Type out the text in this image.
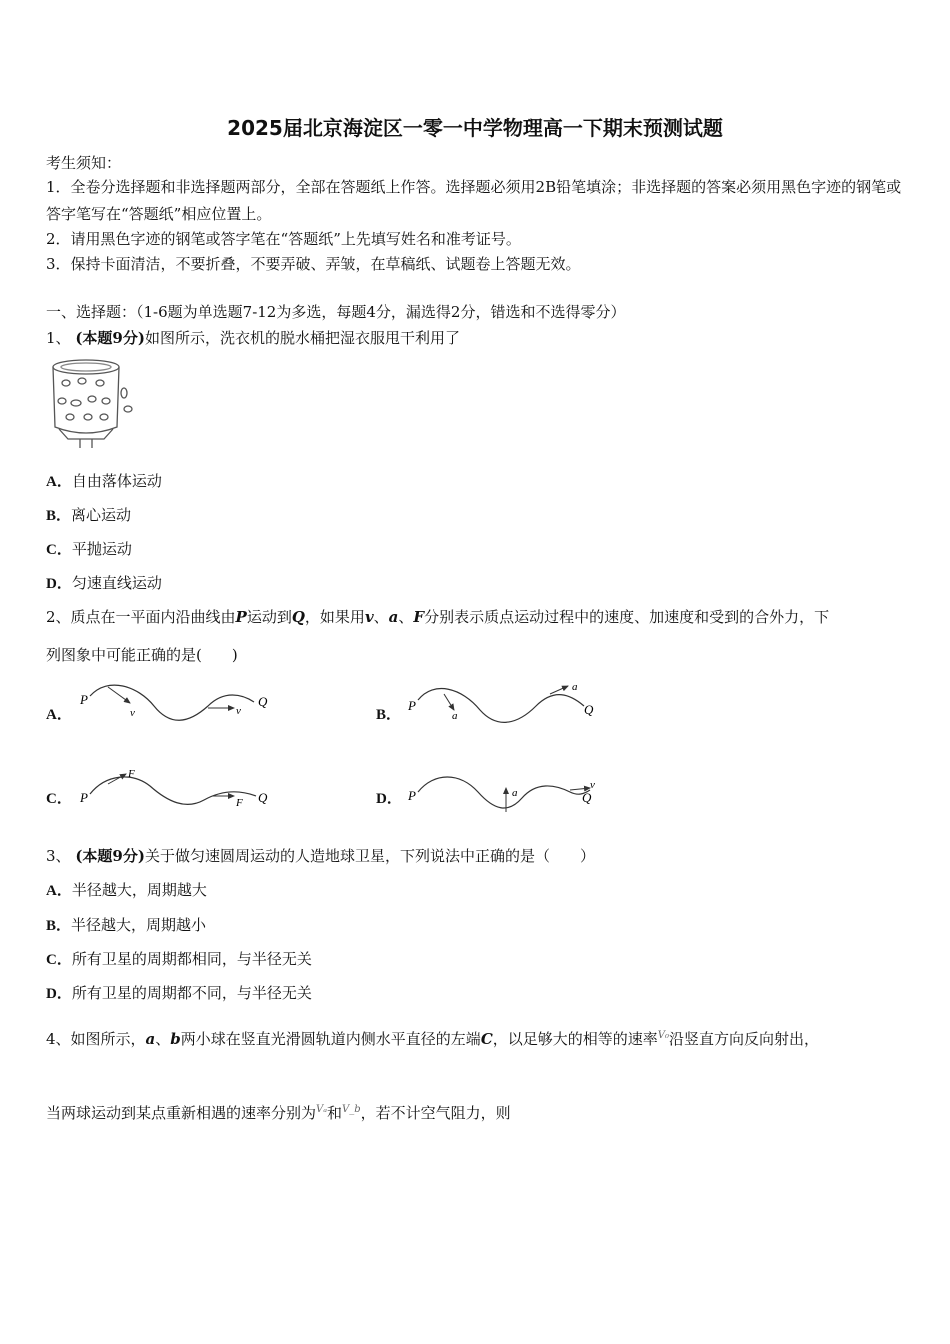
2025届北京海淀区一零一中学物理高一下期末预测试题
考生须知：
1．全卷分选择题和非选择题两部分，全部在答题纸上作答。选择题必须用2B铅笔填涂；非选择题的答案必须用黑色字迹的钢笔或答字笔写在“答题纸”相应位置上。
2．请用黑色字迹的钢笔或答字笔在“答题纸”上先填写姓名和准考证号。
3．保持卡面清洁，不要折叠，不要弄破、弄皱，在草稿纸、试题卷上答题无效。
一、选择题：（1-6题为单选题7-12为多选，每题4分，漏选得2分，错选和不选得零分）
1、 (本题9分)如图所示，洗衣机的脱水桶把湿衣服甩干利用了
A．自由落体运动
B．离心运动
C．平抛运动
D．匀速直线运动
2、质点在一平面内沿曲线由P运动到Q，如果用v、a、F分别表示质点运动过程中的速度、加速度和受到的合外力，下
列图象中可能正确的是(　　)
A．	B．
C．	D．
P
v	v
Q	P
a
a
Q
P
F
F Q	P	a
v
Q
3、 (本题9分)关于做匀速圆周运动的人造地球卫星，下列说法中正确的是（　　）
A．半径越大，周期越大
B．半径越大，周期越小
C．所有卫星的周期都相同，与半径无关
D．所有卫星的周期都不同，与半径无关
4、如图所示，a、b两小球在竖直光滑圆轨道内侧水平直径的左端C，以足够大的相等的速率$^{V_0}$沿竖直方向反向射出，
当两球运动到某点重新相遇的速率分别为$^{V_a}$和$^{V\_b}$，若不计空气阻力，则
